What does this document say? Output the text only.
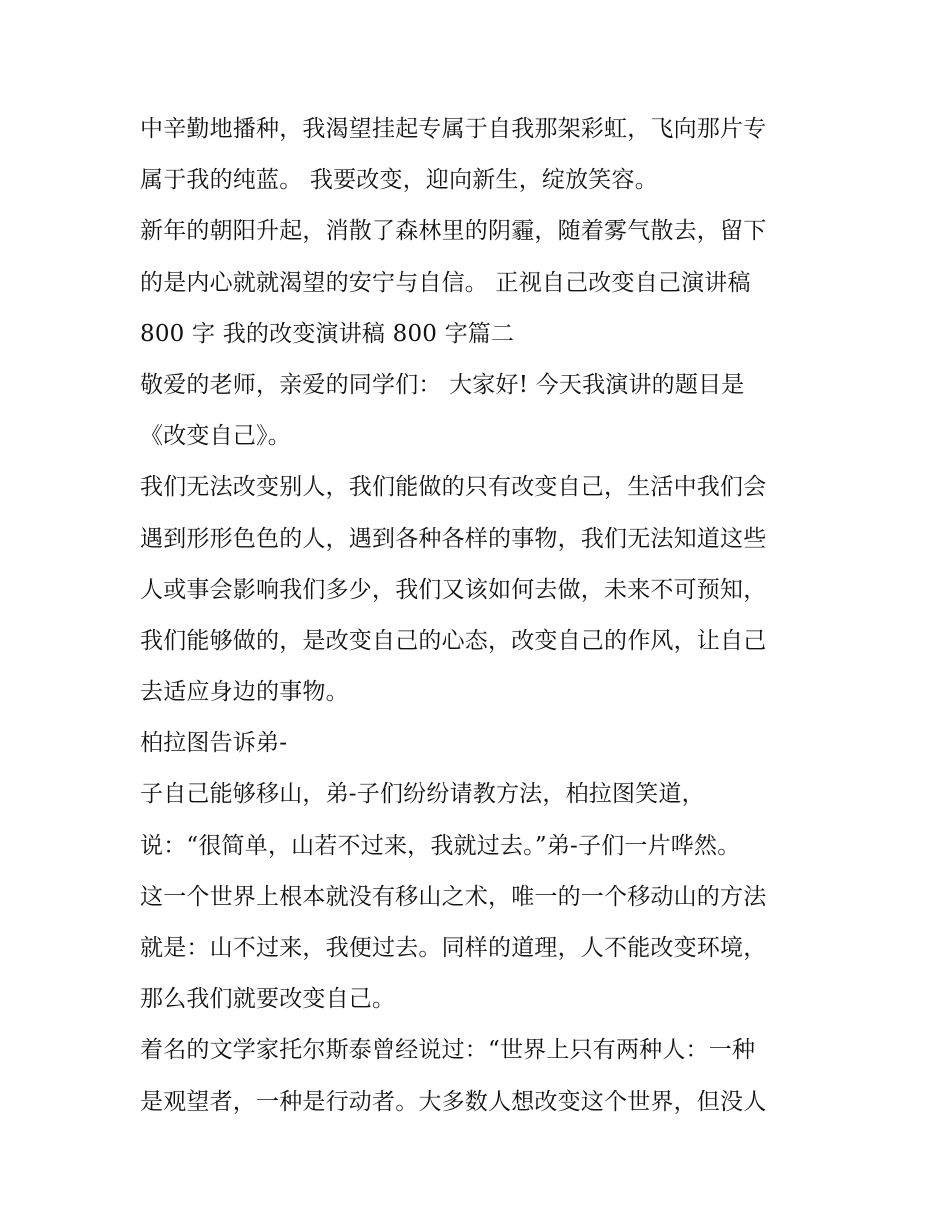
中辛勤地播种，我渴望挂起专属于自我那架彩虹，飞向那片专
属于我的纯蓝。 我要改变，迎向新生，绽放笑容。
新年的朝阳升起，消散了森林里的阴霾，随着雾气散去，留下
的是内心就就渴望的安宁与自信。 正视自己改变自己演讲稿
800 字 我的改变演讲稿 800 字篇二
敬爱的老师，亲爱的同学们： 大家好! 今天我演讲的题目是
《改变自己》。
我们无法改变别人，我们能做的只有改变自己，生活中我们会
遇到形形色色的人，遇到各种各样的事物，我们无法知道这些
人或事会影响我们多少，我们又该如何去做，未来不可预知，
我们能够做的，是改变自己的心态，改变自己的作风，让自己
去适应身边的事物。
柏拉图告诉弟-
子自己能够移山，弟-子们纷纷请教方法，柏拉图笑道，
说：“很简单，山若不过来，我就过去。”弟-子们一片哗然。
这一个世界上根本就没有移山之术，唯一的一个移动山的方法
就是：山不过来，我便过去。同样的道理，人不能改变环境，
那么我们就要改变自己。
着名的文学家托尔斯泰曾经说过：“世界上只有两种人：一种
是观望者，一种是行动者。大多数人想改变这个世界，但没人
